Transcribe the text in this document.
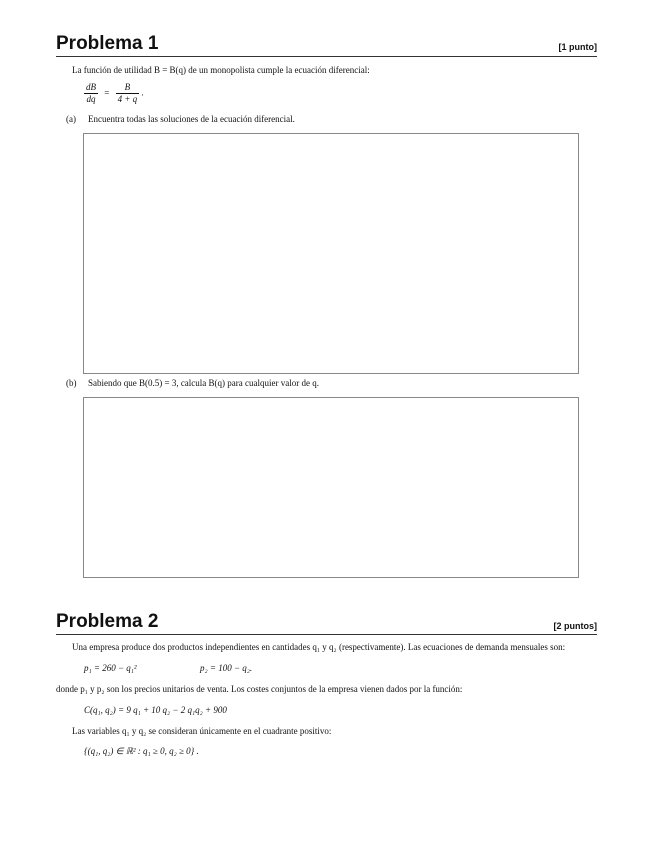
Problema 1	[1 punto]
La función de utilidad B = B(q) de un monopolista cumple la ecuación diferencial:
$\frac{dB}{dq} = \frac{B}{4 + q}$ .
(a) Encuentra todas las soluciones de la ecuación diferencial.
(b) Sabiendo que B(0.5) = 3, calcula B(q) para cualquier valor de q.
Problema 2	[2 puntos]
Una empresa produce dos productos independientes en cantidades q₁ y q₂ (respectivamente). Las ecuaciones de demanda mensuales son:
p₁ = 260 − q₁²	p₂ = 100 − q₂.
donde p₁ y p₂ son los precios unitarios de venta. Los costes conjuntos de la empresa vienen dados por la función:
C(q₁, q₂) = 9 q₁ + 10 q₂ − 2 q₁q₂ + 900
Las variables q₁ y q₂ se consideran únicamente en el cuadrante positivo:
{(q₁, q₂) ∈ ℝ² : q₁ ≥ 0, q₂ ≥ 0} .
